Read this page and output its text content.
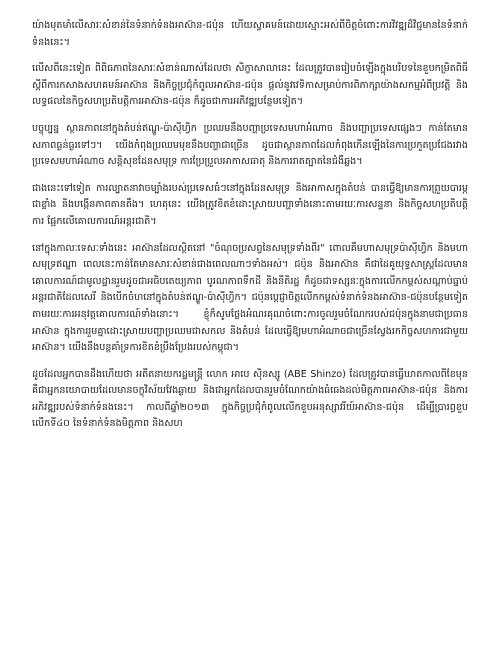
យ៉ាងមុតមាំលើសារៈសំខាន់នៃទំនាក់ទំនងអាស៊ាន-ជប៉ុន ហើយស្វាគមន៍ដោយស្មោះអស់ពីចិត្តចំពោះការវិវឌ្ឍដ៏វិជ្ជមាននៃទំនាក់ទំនងនេះ។

លើសពីនេះទៀត ពិពិធភាពនៃសារៈសំខាន់ណាស់ដែលថា សិក្ខាសាលានេះ ដែលត្រូវបានរៀបចំឡើងក្នុងបរិបទនៃខួបកម្រិតពិធីស្តីពីការកសាងសហគមន៍អាស៊ាន និងកិច្ចប្រជុំកំពូលអាស៊ាន-ជប៉ុន ផ្តល់នូវវេទិកាសម្រាប់ការពិភាក្សាយ៉ាងសកម្មអំពីប្រវត្តិ និងលទ្ធផលនៃកិច្ចសហប្រតិបត្តិការអាស៊ាន-ជប៉ុន ក៏ដូចជាការអភិវឌ្ឍបន្ថែមទៀត។

បច្ចុប្បន្ន ស្ថានភាពនៅក្នុងតំបន់ឥណ្ឌូ-ប៉ាស៊ីហ្វិក ប្រឈមនឹងបញ្ហាប្រទេសមហាអំណាច និងបញ្ហាប្រទេសផ្សេងៗ កាន់តែមានសភាពធ្ងន់ធ្ងរទៅៗ។ យើងកំពុងប្រឈមមុខនឹងបញ្ហាជាច្រើន ដូចជាស្ថានភាពដែលកំពុងកើនឡើងនៃការប្រកួតប្រជែងរវាងប្រទេសមហាអំណាច សន្តិសុខដែនសមុទ្រ ការប្រែប្រួលអាកាសធាតុ និងការរាតត្បាតនៃជំងឺឆ្លង។

ជាងនេះទៅទៀត ការល្បាតនាវាចម្បាំងរបស់ប្រទេសធំៗនៅក្នុងដែនសមុទ្រ និងអាកាសក្នុងតំបន់ បានធ្វើឱ្យមានការព្រួយបារម្ភជាខ្លាំង និងបង្កើនភាពតានតឹង។ ហេតុនេះ យើងត្រូវខិតខំដោះស្រាយបញ្ហាទាំងនោះតាមរយៈការសន្ទនា និងកិច្ចសហប្រតិបត្តិការ ផ្អែកលើគោលការណ៍អន្តរជាតិ។

នៅក្នុងកាលៈទេសៈទាំងនេះ អាស៊ានដែលស្ថិតនៅ "ចំណុចប្រសព្វនៃសមុទ្រទាំងពីរ" ពោលគឺមហាសមុទ្រប៉ាស៊ីហ្វិក និងមហាសមុទ្រឥណ្ឌា ពេលនេះកាន់តែមានសារៈសំខាន់ជាងពេលណាៗទាំងអស់។ ជប៉ុន និងអាស៊ាន គឺជាដៃគូយុទ្ធសាស្ត្រដែលមានគោលការណ៍ជាមូលដ្ឋានរួមដូចជាអធិបតេយ្យភាព បូរណភាពទឹកដី និងនីតិរដ្ឋ ក៏ដូចជាទស្សនៈក្នុងការលើកកម្ពស់សណ្តាប់ធ្នាប់អន្តរជាតិដែលសេរី និងបើកចំហនៅក្នុងតំបន់ឥណ្ឌូ-ប៉ាស៊ីហ្វិក។ ជប៉ុនប្តេជ្ញាចិត្តលើកកម្ពស់ទំនាក់ទំនងអាស៊ាន-ជប៉ុនបន្ថែមទៀត តាមរយៈការអនុវត្តគោលការណ៍ទាំងនោះ។ ខ្ញុំក៏សូមថ្លែងអំណរគុណចំពោះការចូលរួមចំណែករបស់ជប៉ុនក្នុងនាមជាប្រធានអាស៊ាន ក្នុងការរួមគ្នាដោះស្រាយបញ្ហាប្រឈមជាសកល និងតំបន់ ដែលធ្វើឱ្យមហាអំណាចជាច្រើនស្វែងរកកិច្ចសហការជាមួយអាស៊ាន។ យើងនឹងបន្តគាំទ្រការខិតខំប្រឹងប្រែងរបស់កម្ពុជា។

ដូចដែលអ្នកបានដឹងហើយថា អតីតនាយករដ្ឋមន្ត្រី លោក អាបេ ស៊ិនស្សូ (ABE Shinzo) ដែលត្រូវបានធ្វើឃាតកាលពីខែមុន គឺជាអ្នកនយោបាយដែលមានចក្ខុវិស័យវែងឆ្ងាយ និងជាអ្នកដែលបានរួមចំណែកយ៉ាងធំធេងដល់មិត្តភាពអាស៊ាន-ជប៉ុន និងការអភិវឌ្ឍរបស់ទំនាក់ទំនងនេះ។ កាលពីឆ្នាំ២០១៣ ក្នុងកិច្ចប្រជុំកំពូលលើកខួបអនុស្សាវរីយ៍អាស៊ាន-ជប៉ុន ដើម្បីប្រារព្ធខួបលើកទី៤០ នៃទំនាក់ទំនងមិត្តភាព និងសហ
